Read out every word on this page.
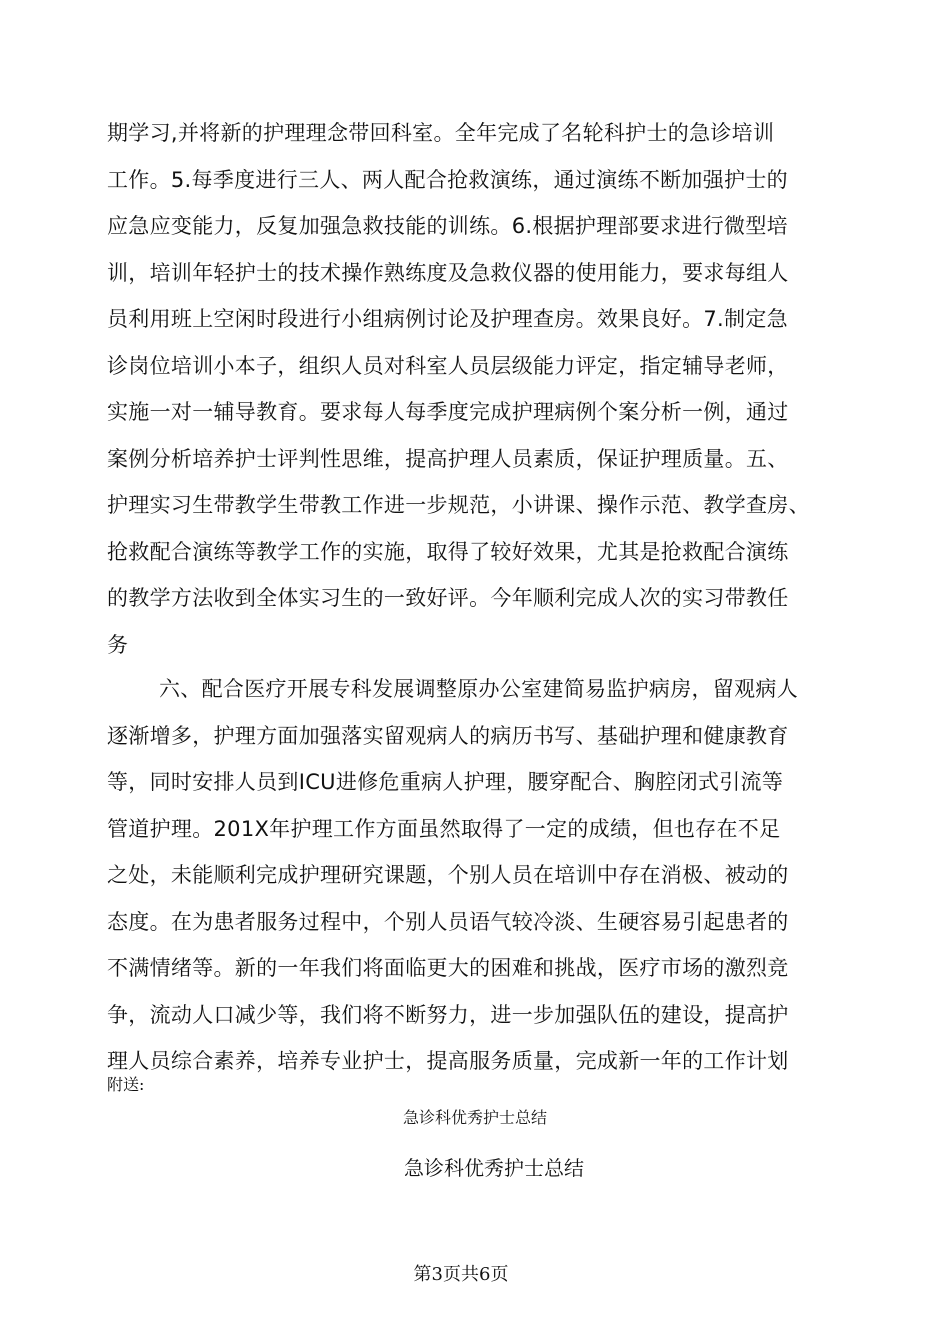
期学习,并将新的护理理念带回科室。全年完成了名轮科护士的急诊培训
工作。5.每季度进行三人、两人配合抢救演练，通过演练不断加强护士的
应急应变能力，反复加强急救技能的训练。6.根据护理部要求进行微型培
训，培训年轻护士的技术操作熟练度及急救仪器的使用能力，要求每组人
员利用班上空闲时段进行小组病例讨论及护理查房。效果良好。7.制定急
诊岗位培训小本子，组织人员对科室人员层级能力评定，指定辅导老师，
实施一对一辅导教育。要求每人每季度完成护理病例个案分析一例，通过
案例分析培养护士评判性思维，提高护理人员素质，保证护理质量。五、
护理实习生带教学生带教工作进一步规范，小讲课、操作示范、教学查房、
抢救配合演练等教学工作的实施，取得了较好效果，尤其是抢救配合演练
的教学方法收到全体实习生的一致好评。今年顺利完成人次的实习带教任
务
六、配合医疗开展专科发展调整原办公室建简易监护病房，留观病人
逐渐增多，护理方面加强落实留观病人的病历书写、基础护理和健康教育
等，同时安排人员到ICU进修危重病人护理，腰穿配合、胸腔闭式引流等
管道护理。201X年护理工作方面虽然取得了一定的成绩，但也存在不足
之处，未能顺利完成护理研究课题，个别人员在培训中存在消极、被动的
态度。在为患者服务过程中，个别人员语气较冷淡、生硬容易引起患者的
不满情绪等。新的一年我们将面临更大的困难和挑战，医疗市场的激烈竞
争，流动人口减少等，我们将不断努力，进一步加强队伍的建设，提高护
理人员综合素养，培养专业护士，提高服务质量，完成新一年的工作计划
附送:
急诊科优秀护士总结
急诊科优秀护士总结
第3页共6页
